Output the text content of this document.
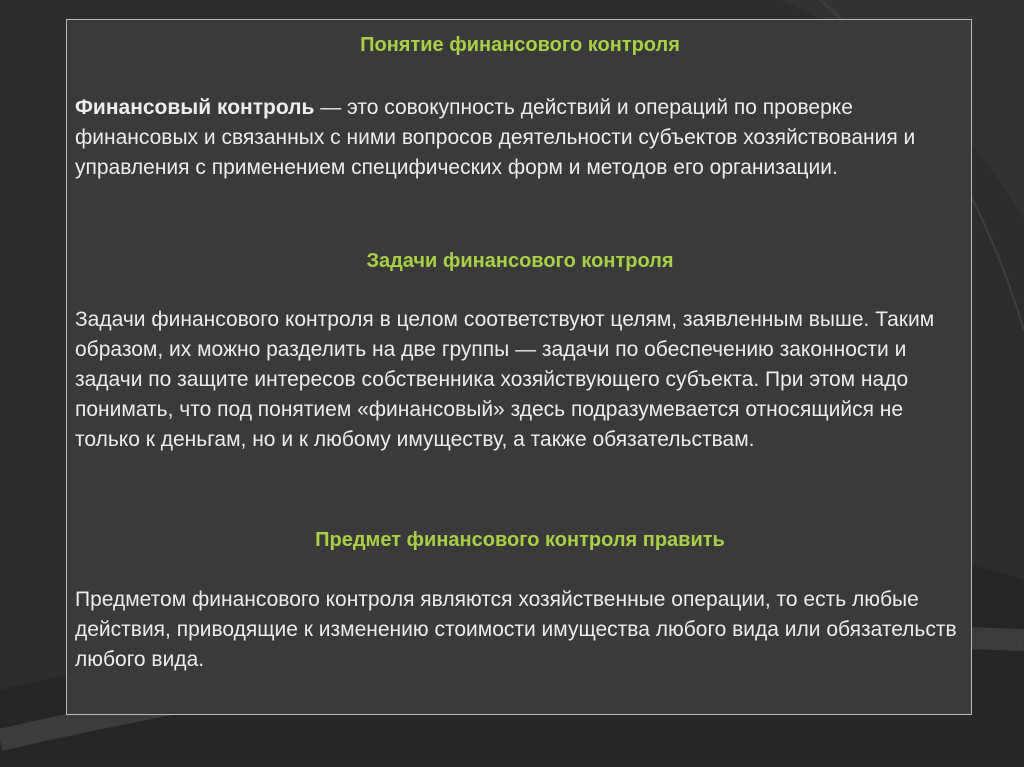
Понятие финансового контроля

Финансовый контроль — это совокупность действий и операций по проверке финансовых и связанных с ними вопросов деятельности субъектов хозяйствования и управления с применением специфических форм и методов его организации.

Задачи финансового контроля

Задачи финансового контроля в целом соответствуют целям, заявленным выше. Таким образом, их можно разделить на две группы — задачи по обеспечению законности и задачи по защите интересов собственника хозяйствующего субъекта. При этом надо понимать, что под понятием «финансовый» здесь подразумевается относящийся не только к деньгам, но и к любому имуществу, а также обязательствам.

Предмет финансового контроля править

Предметом финансового контроля являются хозяйственные операции, то есть любые действия, приводящие к изменению стоимости имущества любого вида или обязательств любого вида.
